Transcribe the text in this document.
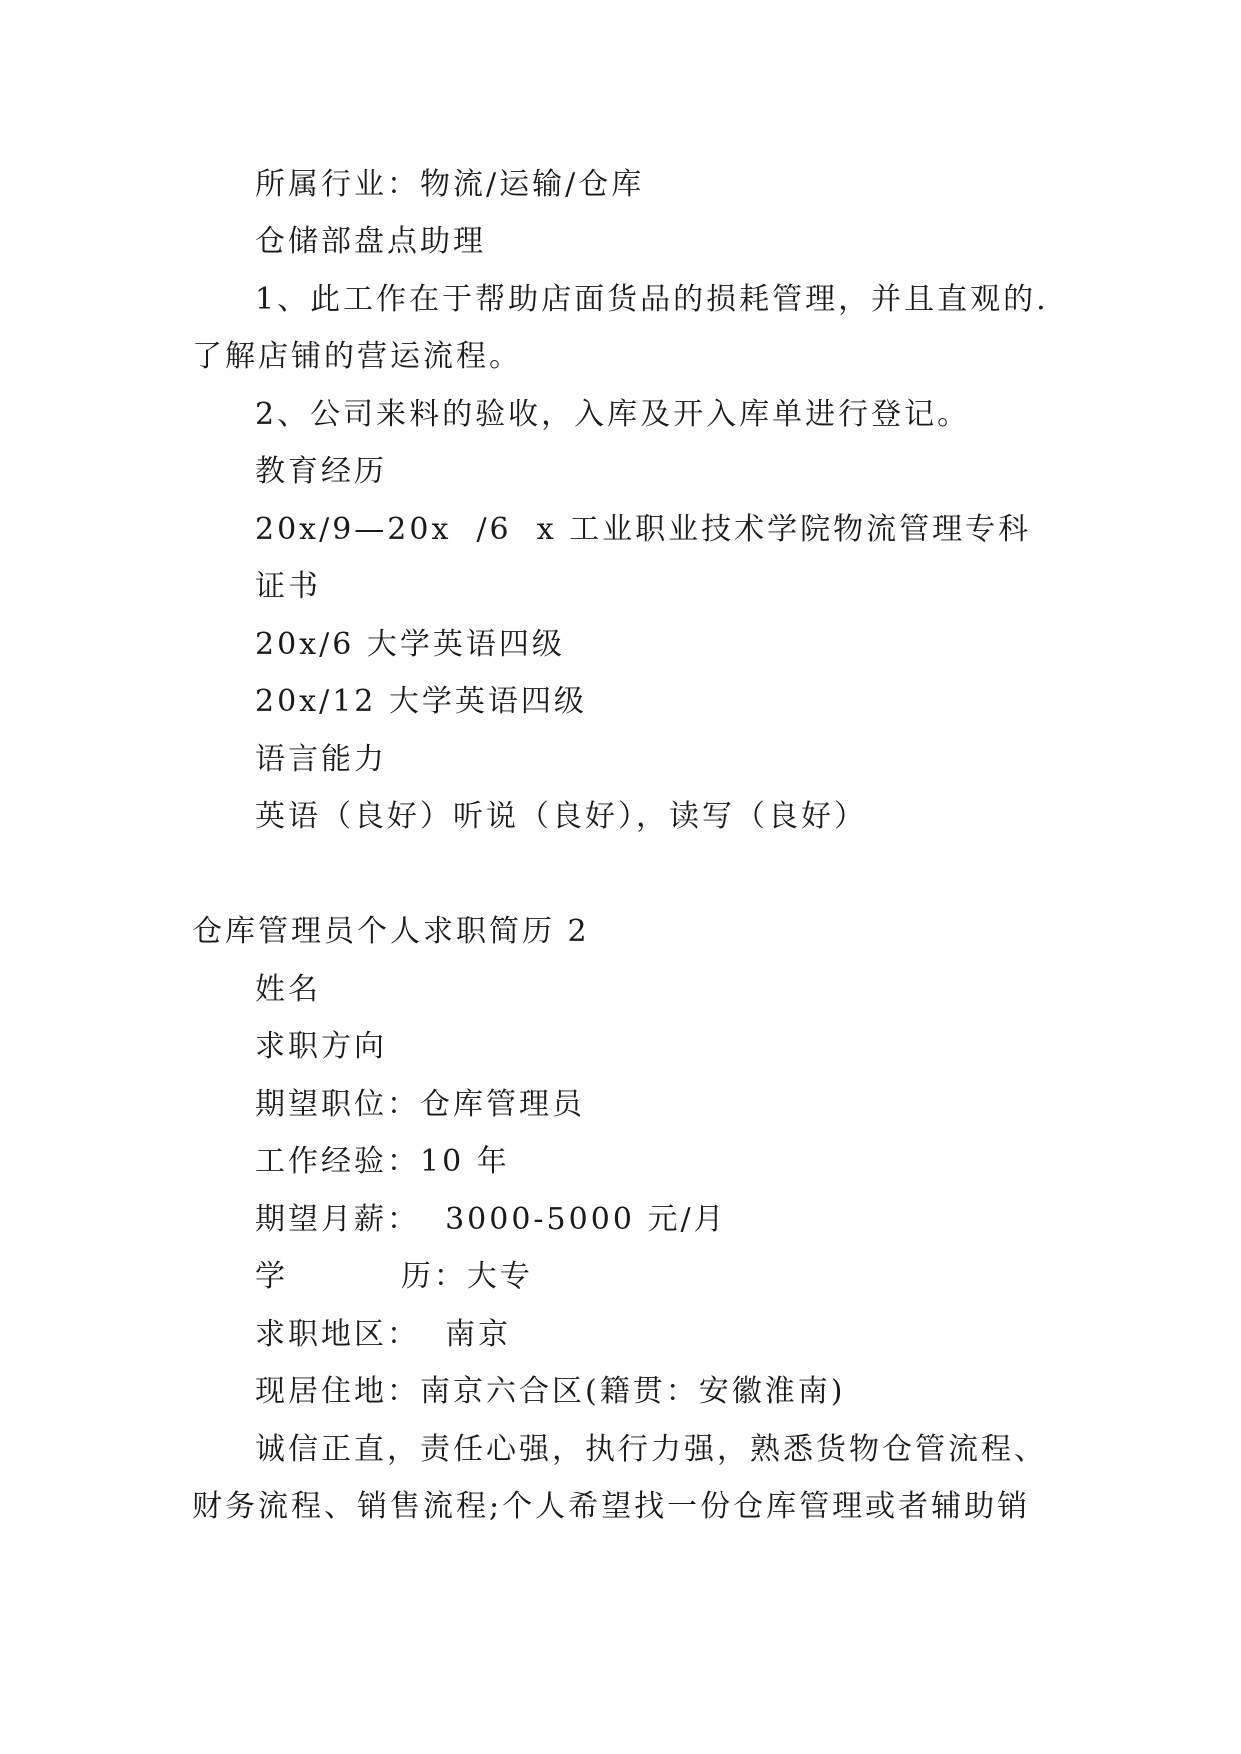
所属行业：物流/运输/仓库
仓储部盘点助理
1、此工作在于帮助店面货品的损耗管理，并且直观的.
了解店铺的营运流程。
2、公司来料的验收，入库及开入库单进行登记。
教育经历
20x/9—20x  /6  x 工业职业技术学院物流管理专科
证书
20x/6 大学英语四级
20x/12 大学英语四级
语言能力
英语（良好）听说（良好），读写（良好）
仓库管理员个人求职简历 2
姓名
求职方向
期望职位：仓库管理员
工作经验：10 年
期望月薪：  3000-5000 元/月
学         历：大专
求职地区：  南京
现居住地：南京六合区(籍贯：安徽淮南)
诚信正直，责任心强，执行力强，熟悉货物仓管流程、
财务流程、销售流程;个人希望找一份仓库管理或者辅助销
